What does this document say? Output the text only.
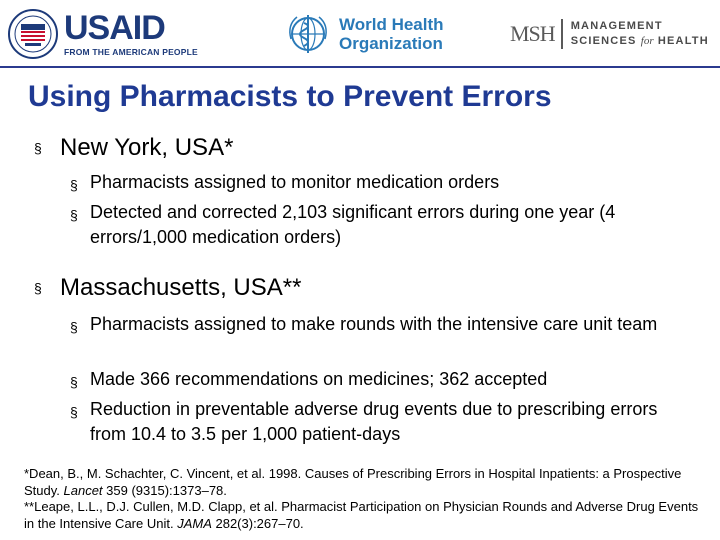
USAID
FROM THE AMERICAN PEOPLE
World Health
Organization	MSH MANAGEMENT
SCIENCES for HEALTH
Using Pharmacists to Prevent Errors
§ New York, USA*
§ Pharmacists assigned to monitor medication orders
§ Detected and corrected 2,103 significant errors during one year (4 errors/1,000 medication orders)
§ Massachusetts, USA**
§ Pharmacists assigned to make rounds with the intensive care unit team
§ Made 366 recommendations on medicines; 362 accepted
§ Reduction in preventable adverse drug events due to prescribing errors from 10.4 to 3.5 per 1,000 patient-days
*Dean, B., M. Schachter, C. Vincent, et al. 1998. Causes of Prescribing Errors in Hospital Inpatients: a Prospective Study. Lancet 359 (9315):1373–78.
**Leape, L.L., D.J. Cullen, M.D. Clapp, et al. Pharmacist Participation on Physician Rounds and Adverse Drug Events in the Intensive Care Unit. JAMA 282(3):267–70.
